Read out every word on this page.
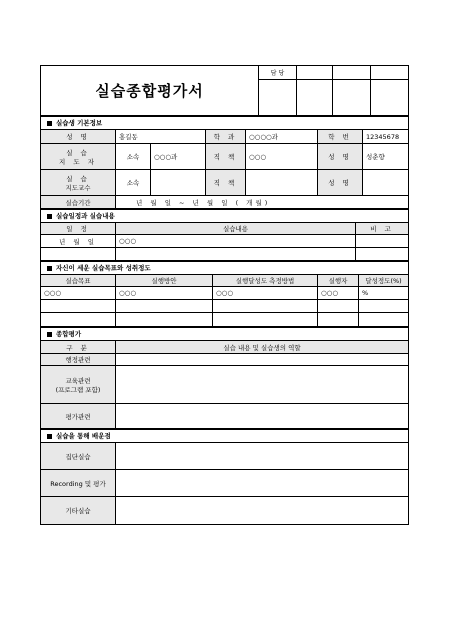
실습종합평가서	담 당			

실습생 기본정보						
성 명	홍길동		학 과	○○○○과	학 번	12345678

실 습
지 도 자	소속	○○○과	직 책	○○○	성 명	성춘향

실 습
지도교수	소속		직 책		성 명	
실습기간	년 월 일 ~ 년 월 일 ( 개월)					
실습일정과 실습내용		
일 정	실습내용	비 고
년 월 일	○○○	

자신이 세운 실습목표와 성취정도				
실습목표	실행방안	실행달성도 측정방법	실행자	달성정도(%)
○○○	○○○	○○○	○○○	%

종합평가	
구 분	실습 내용 및 실습생의 역할
행정관련	

교육관련
(프로그램 포함)	

평가관련	
실습을 통해 배운점	
집단실습	
Recording 및 평가	
기타실습	
